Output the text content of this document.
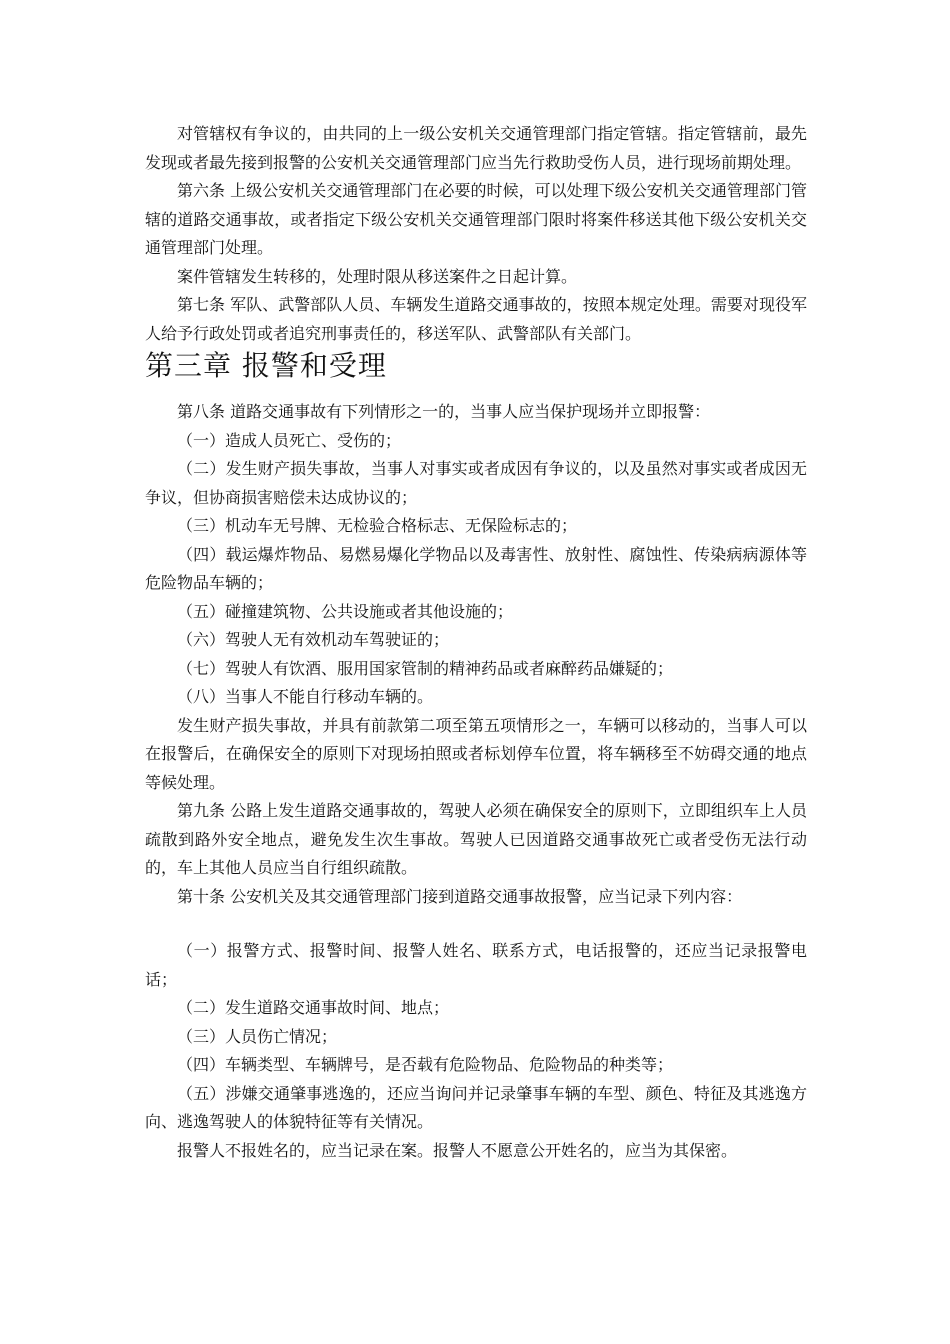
对管辖权有争议的，由共同的上一级公安机关交通管理部门指定管辖。指定管辖前，最先发现或者最先接到报警的公安机关交通管理部门应当先行救助受伤人员，进行现场前期处理。

第六条 上级公安机关交通管理部门在必要的时候，可以处理下级公安机关交通管理部门管辖的道路交通事故，或者指定下级公安机关交通管理部门限时将案件移送其他下级公安机关交通管理部门处理。

案件管辖发生转移的，处理时限从移送案件之日起计算。

第七条 军队、武警部队人员、车辆发生道路交通事故的，按照本规定处理。需要对现役军人给予行政处罚或者追究刑事责任的，移送军队、武警部队有关部门。

第三章 报警和受理

第八条 道路交通事故有下列情形之一的，当事人应当保护现场并立即报警：

（一）造成人员死亡、受伤的；

（二）发生财产损失事故，当事人对事实或者成因有争议的，以及虽然对事实或者成因无争议，但协商损害赔偿未达成协议的；

（三）机动车无号牌、无检验合格标志、无保险标志的；

（四）载运爆炸物品、易燃易爆化学物品以及毒害性、放射性、腐蚀性、传染病病源体等危险物品车辆的；

（五）碰撞建筑物、公共设施或者其他设施的；

（六）驾驶人无有效机动车驾驶证的；

（七）驾驶人有饮酒、服用国家管制的精神药品或者麻醉药品嫌疑的；

（八）当事人不能自行移动车辆的。

发生财产损失事故，并具有前款第二项至第五项情形之一，车辆可以移动的，当事人可以在报警后，在确保安全的原则下对现场拍照或者标划停车位置，将车辆移至不妨碍交通的地点等候处理。

第九条 公路上发生道路交通事故的，驾驶人必须在确保安全的原则下，立即组织车上人员疏散到路外安全地点，避免发生次生事故。驾驶人已因道路交通事故死亡或者受伤无法行动的，车上其他人员应当自行组织疏散。

第十条 公安机关及其交通管理部门接到道路交通事故报警，应当记录下列内容：

（一）报警方式、报警时间、报警人姓名、联系方式，电话报警的，还应当记录报警电话；

（二）发生道路交通事故时间、地点；

（三）人员伤亡情况；

（四）车辆类型、车辆牌号，是否载有危险物品、危险物品的种类等；

（五）涉嫌交通肇事逃逸的，还应当询问并记录肇事车辆的车型、颜色、特征及其逃逸方向、逃逸驾驶人的体貌特征等有关情况。

报警人不报姓名的，应当记录在案。报警人不愿意公开姓名的，应当为其保密。
